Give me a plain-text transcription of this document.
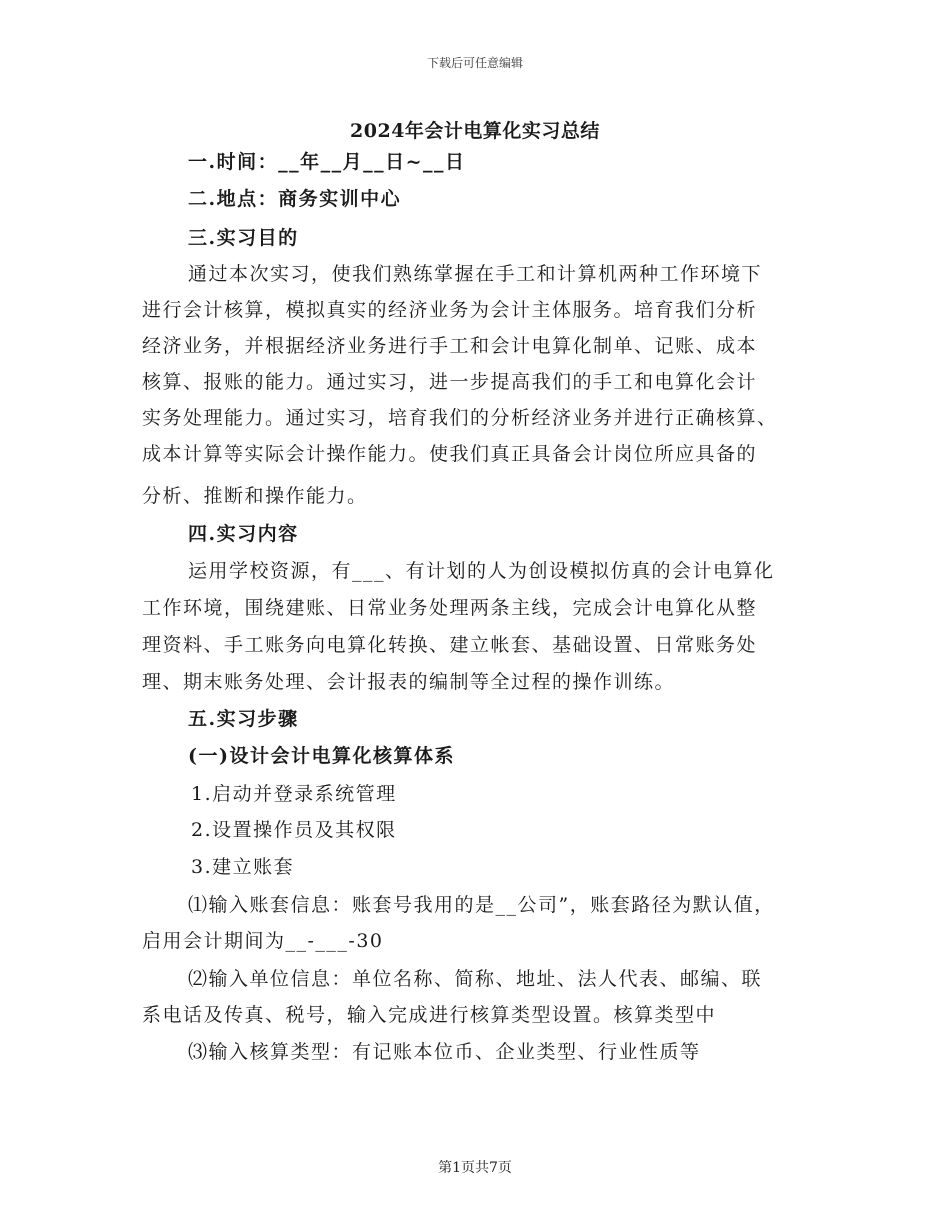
下载后可任意编辑
2024年会计电算化实习总结
一.时间：__年__月__日~__日
二.地点：商务实训中心
三.实习目的
通过本次实习，使我们熟练掌握在手工和计算机两种工作环境下
进行会计核算，模拟真实的经济业务为会计主体服务。培育我们分析
经济业务，并根据经济业务进行手工和会计电算化制单、记账、成本
核算、报账的能力。通过实习，进一步提高我们的手工和电算化会计
实务处理能力。通过实习，培育我们的分析经济业务并进行正确核算、
成本计算等实际会计操作能力。使我们真正具备会计岗位所应具备的
分析、推断和操作能力。
四.实习内容
运用学校资源，有___、有计划的人为创设模拟仿真的会计电算化
工作环境，围绕建账、日常业务处理两条主线，完成会计电算化从整
理资料、手工账务向电算化转换、建立帐套、基础设置、日常账务处
理、期末账务处理、会计报表的编制等全过程的操作训练。
五.实习步骤
(一)设计会计电算化核算体系
1.启动并登录系统管理
2.设置操作员及其权限
3.建立账套
⑴输入账套信息：账套号我用的是__公司”，账套路径为默认值，
启用会计期间为__-___-30
⑵输入单位信息：单位名称、简称、地址、法人代表、邮编、联
系电话及传真、税号，输入完成进行核算类型设置。核算类型中
⑶输入核算类型：有记账本位币、企业类型、行业性质等
第1页共7页
